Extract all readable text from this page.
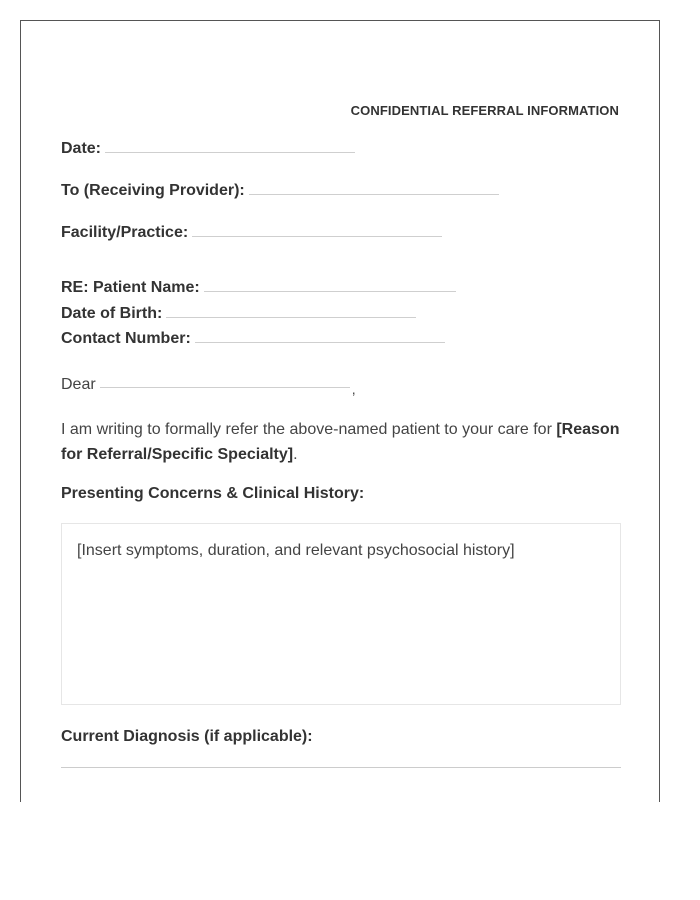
CONFIDENTIAL REFERRAL INFORMATION
Date:
To (Receiving Provider):
Facility/Practice:
RE: Patient Name:
Date of Birth:
Contact Number:
Dear	,
I am writing to formally refer the above-named patient to your care for [Reason for Referral/Specific Specialty].
Presenting Concerns & Clinical History:
[Insert symptoms, duration, and relevant psychosocial history]
Current Diagnosis (if applicable):
